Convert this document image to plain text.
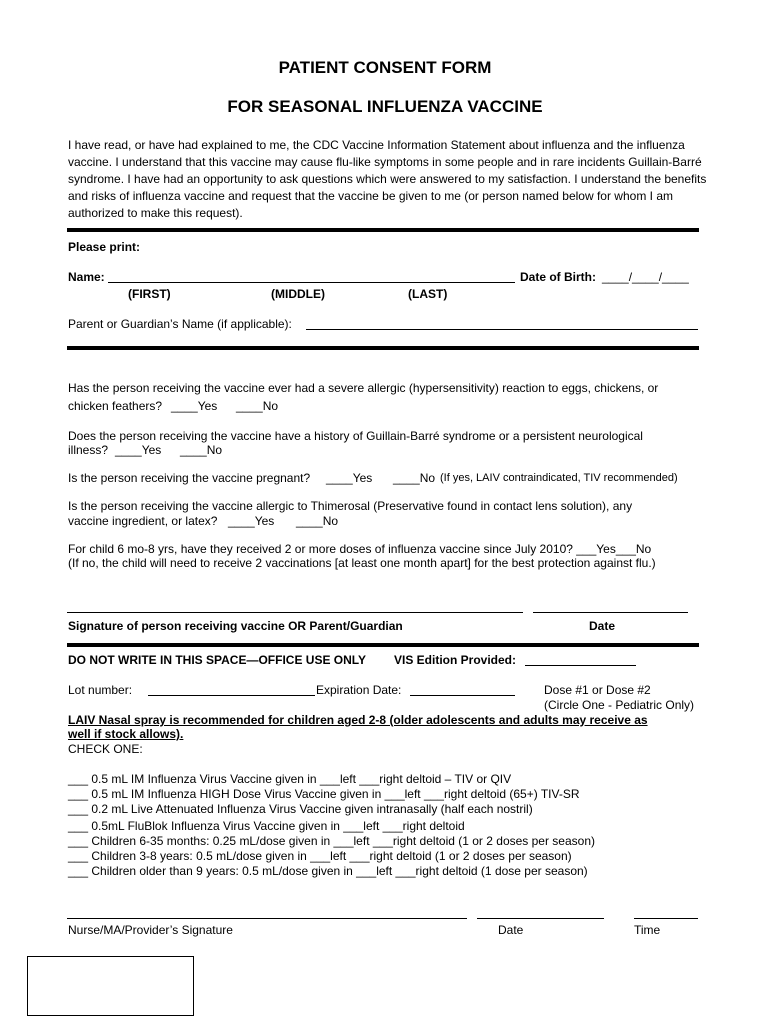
PATIENT CONSENT FORM
FOR SEASONAL INFLUENZA VACCINE
I have read, or have had explained to me, the CDC Vaccine Information Statement about influenza and the influenza vaccine. I understand that this vaccine may cause flu-like symptoms in some people and in rare incidents Guillain-Barré syndrome. I have had an opportunity to ask questions which were answered to my satisfaction. I understand the benefits and risks of influenza vaccine and request that the vaccine be given to me (or person named below for whom I am authorized to make this request).
Please print:
Name:	Date of Birth: ____/____/____
(FIRST)	(MIDDLE)	(LAST)
Parent or Guardian’s Name (if applicable):
Has the person receiving the vaccine ever had a severe allergic (hypersensitivity) reaction to eggs, chickens, or
chicken feathers? ____Yes ____No
Does the person receiving the vaccine have a history of Guillain-Barré syndrome or a persistent neurological
illness? ____Yes ____No
Is the person receiving the vaccine pregnant? ____Yes ____No (If yes, LAIV contraindicated, TIV recommended)
Is the person receiving the vaccine allergic to Thimerosal (Preservative found in contact lens solution), any
vaccine ingredient, or latex? ____Yes ____No
For child 6 mo-8 yrs, have they received 2 or more doses of influenza vaccine since July 2010? ___Yes___No
(If no, the child will need to receive 2 vaccinations [at least one month apart] for the best protection against flu.)
Signature of person receiving vaccine OR Parent/Guardian	Date
DO NOT WRITE IN THIS SPACE—OFFICE USE ONLY VIS Edition Provided:
Lot number:	Expiration Date:	Dose #1 or Dose #2
(Circle One - Pediatric Only)
LAIV Nasal spray is recommended for children aged 2-8 (older adolescents and adults may receive as
well if stock allows).
CHECK ONE:
___ 0.5 mL IM Influenza Virus Vaccine given in ___left ___right deltoid – TIV or QIV
___ 0.5 mL IM Influenza HIGH Dose Virus Vaccine given in ___left ___right deltoid (65+) TIV-SR
___ 0.2 mL Live Attenuated Influenza Virus Vaccine given intranasally (half each nostril)
___ 0.5mL FluBlok Influenza Virus Vaccine given in ___left ___right deltoid
___ Children 6-35 months: 0.25 mL/dose given in ___left ___right deltoid (1 or 2 doses per season)
___ Children 3-8 years: 0.5 mL/dose given in ___left ___right deltoid (1 or 2 doses per season)
___ Children older than 9 years: 0.5 mL/dose given in ___left ___right deltoid (1 dose per season)
Nurse/MA/Provider’s Signature	Date	Time
